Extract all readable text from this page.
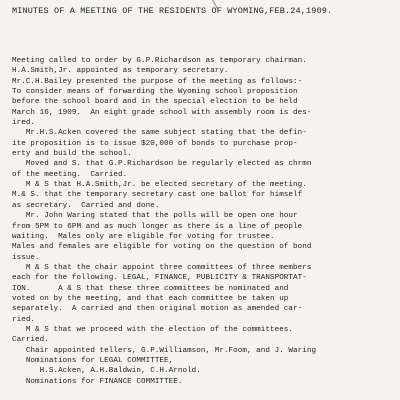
MINUTES OF A MEETING OF THE RESIDENTS OF WYOMING,FEB.24,1909.
Meeting called to order by G.P.Richardson as temporary chairman.
H.A.Smith,Jr. appointed as temporary secretary.
Mr.C.H.Bailey presented the purpose of the meeting as follows:-
To consider means of forwarding the Wyoming school proposition
before the school board and in the special election to be held
March 16, 1909.  An eight grade school with assembly room is des-
ired.
Mr.H.S.Acken covered the same subject stating that the defin-
ite proposition is to issue $20,000 of bonds to purchase prop-
erty and build the school.
Moved and S. that G.P.Richardson be regularly elected as chrmn
of the meeting.  Carried.
M & S that H.A.Smith,Jr. be elected secretary of the meeting.
M.& S. that the temporary secretary cast one ballot for himself
as secretary.  Carried and done.
Mr. John Waring stated that the polls will be open one hour
from 5PM to 6PM and as much longer as there is a line of people
waiting.  Males only are eligible for voting for trustee.
Males and females are eligible for voting on the question of bond
issue.
M & S that the chair appoint three committees of three members
each for the following. LEGAL, FINANCE, PUBLICITY & TRANSPORTAT-
ION.      A & S that these three committees be nominated and
voted on by the meeting, and that each committee be taken up
separately.  A carried and then original motion as amended car-
ried.
M & S that we proceed with the election of the committees.
Carried.
Chair appointed tellers, G.P.Williamson, Mr.Foom, and J. Waring
Nominations for LEGAL COMMITTEE,
H.S.Acken, A.H.Baldwin, C.H.Arnold.
Nominations for FINANCE COMMITTEE.
